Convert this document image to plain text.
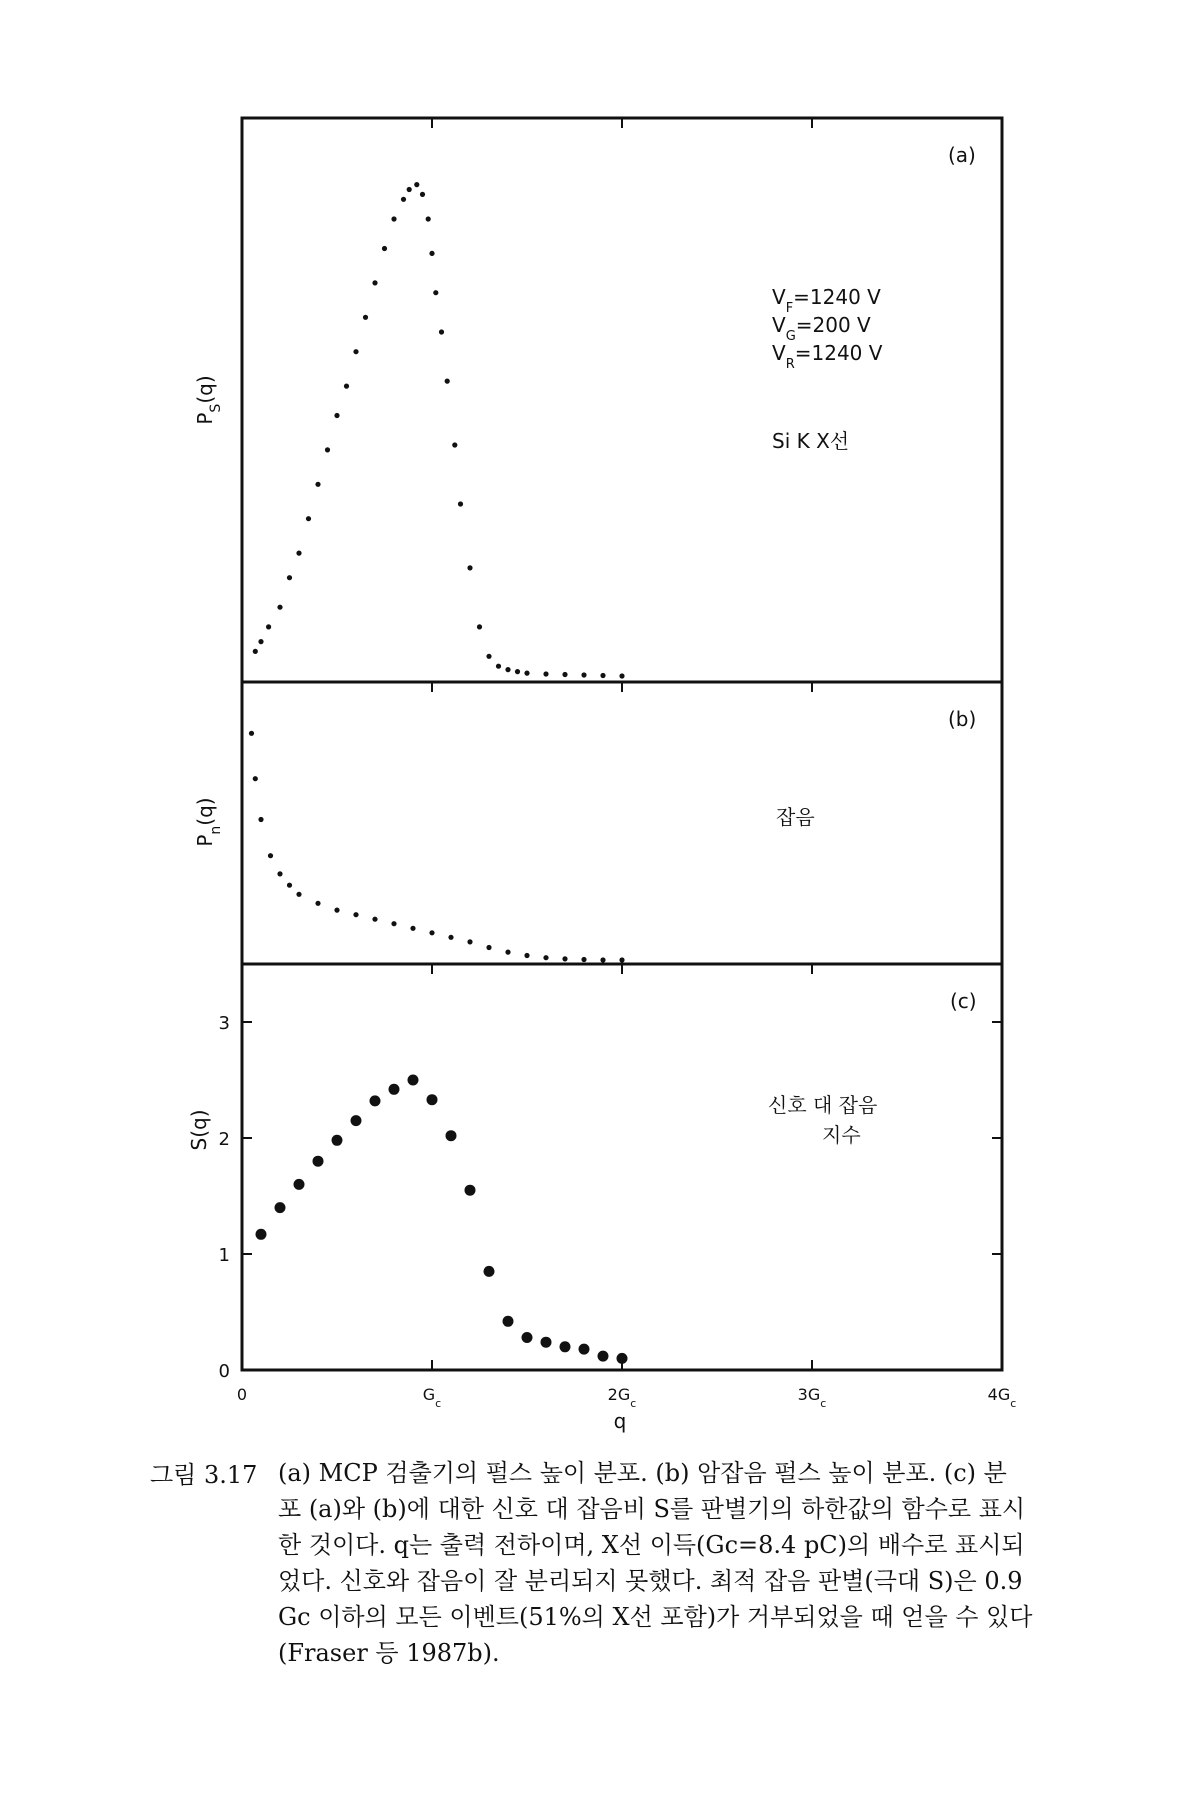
(a)
$P_S(q)$
$V_F=1240$ V
$V_G=200$ V
$V_R=1240$ V
Si K X선
(b)
$P_n(q)$	잡음
0
1
2
3
0	$G_c$	$2G_c$	$3G_c$	$4G_c$
(c)
S(q)
q
신호 대 잡음
지수
그림 3.17 (a) MCP 검출기의 펄스 높이 분포. (b) 암잡음 펄스 높이 분포. (c) 분
포 (a)와 (b)에 대한 신호 대 잡음비 S를 판별기의 하한값의 함수로 표시
한 것이다. q는 출력 전하이며, X선 이득(Gc=8.4 pC)의 배수로 표시되
었다. 신호와 잡음이 잘 분리되지 못했다. 최적 잡음 판별(극대 S)은 0.9
Gc 이하의 모든 이벤트(51%의 X선 포함)가 거부되었을 때 얻을 수 있다
(Fraser 등 1987b).
